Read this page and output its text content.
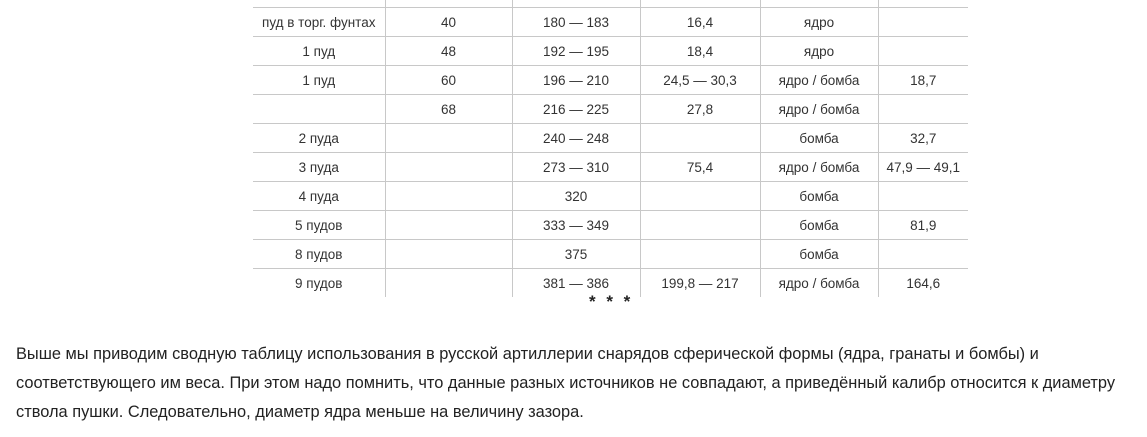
пуд в торг. фунтах	40	180 — 183	16,4	ядро	
1 пуд	48	192 — 195	18,4	ядро	
1 пуд	60	196 — 210	24,5 — 30,3	ядро / бомба	18,7
	68	216 — 225	27,8	ядро / бомба	
2 пуда		240 — 248		бомба	32,7
3 пуда		273 — 310	75,4	ядро / бомба	47,9 — 49,1
4 пуда		320		бомба	
5 пудов		333 — 349		бомба	81,9
8 пудов		375		бомба	
9 пудов		381 — 386	199,8 — 217	ядро / бомба	164,6
* * *

Выше мы приводим сводную таблицу использования в русской артиллерии снарядов сферической формы (ядра, гранаты и бомбы) и соответствующего им веса. При этом надо помнить, что данные разных источников не совпадают, а приведённый калибр относится к диаметру ствола пушки. Следовательно, диаметр ядра меньше на величину зазора.
